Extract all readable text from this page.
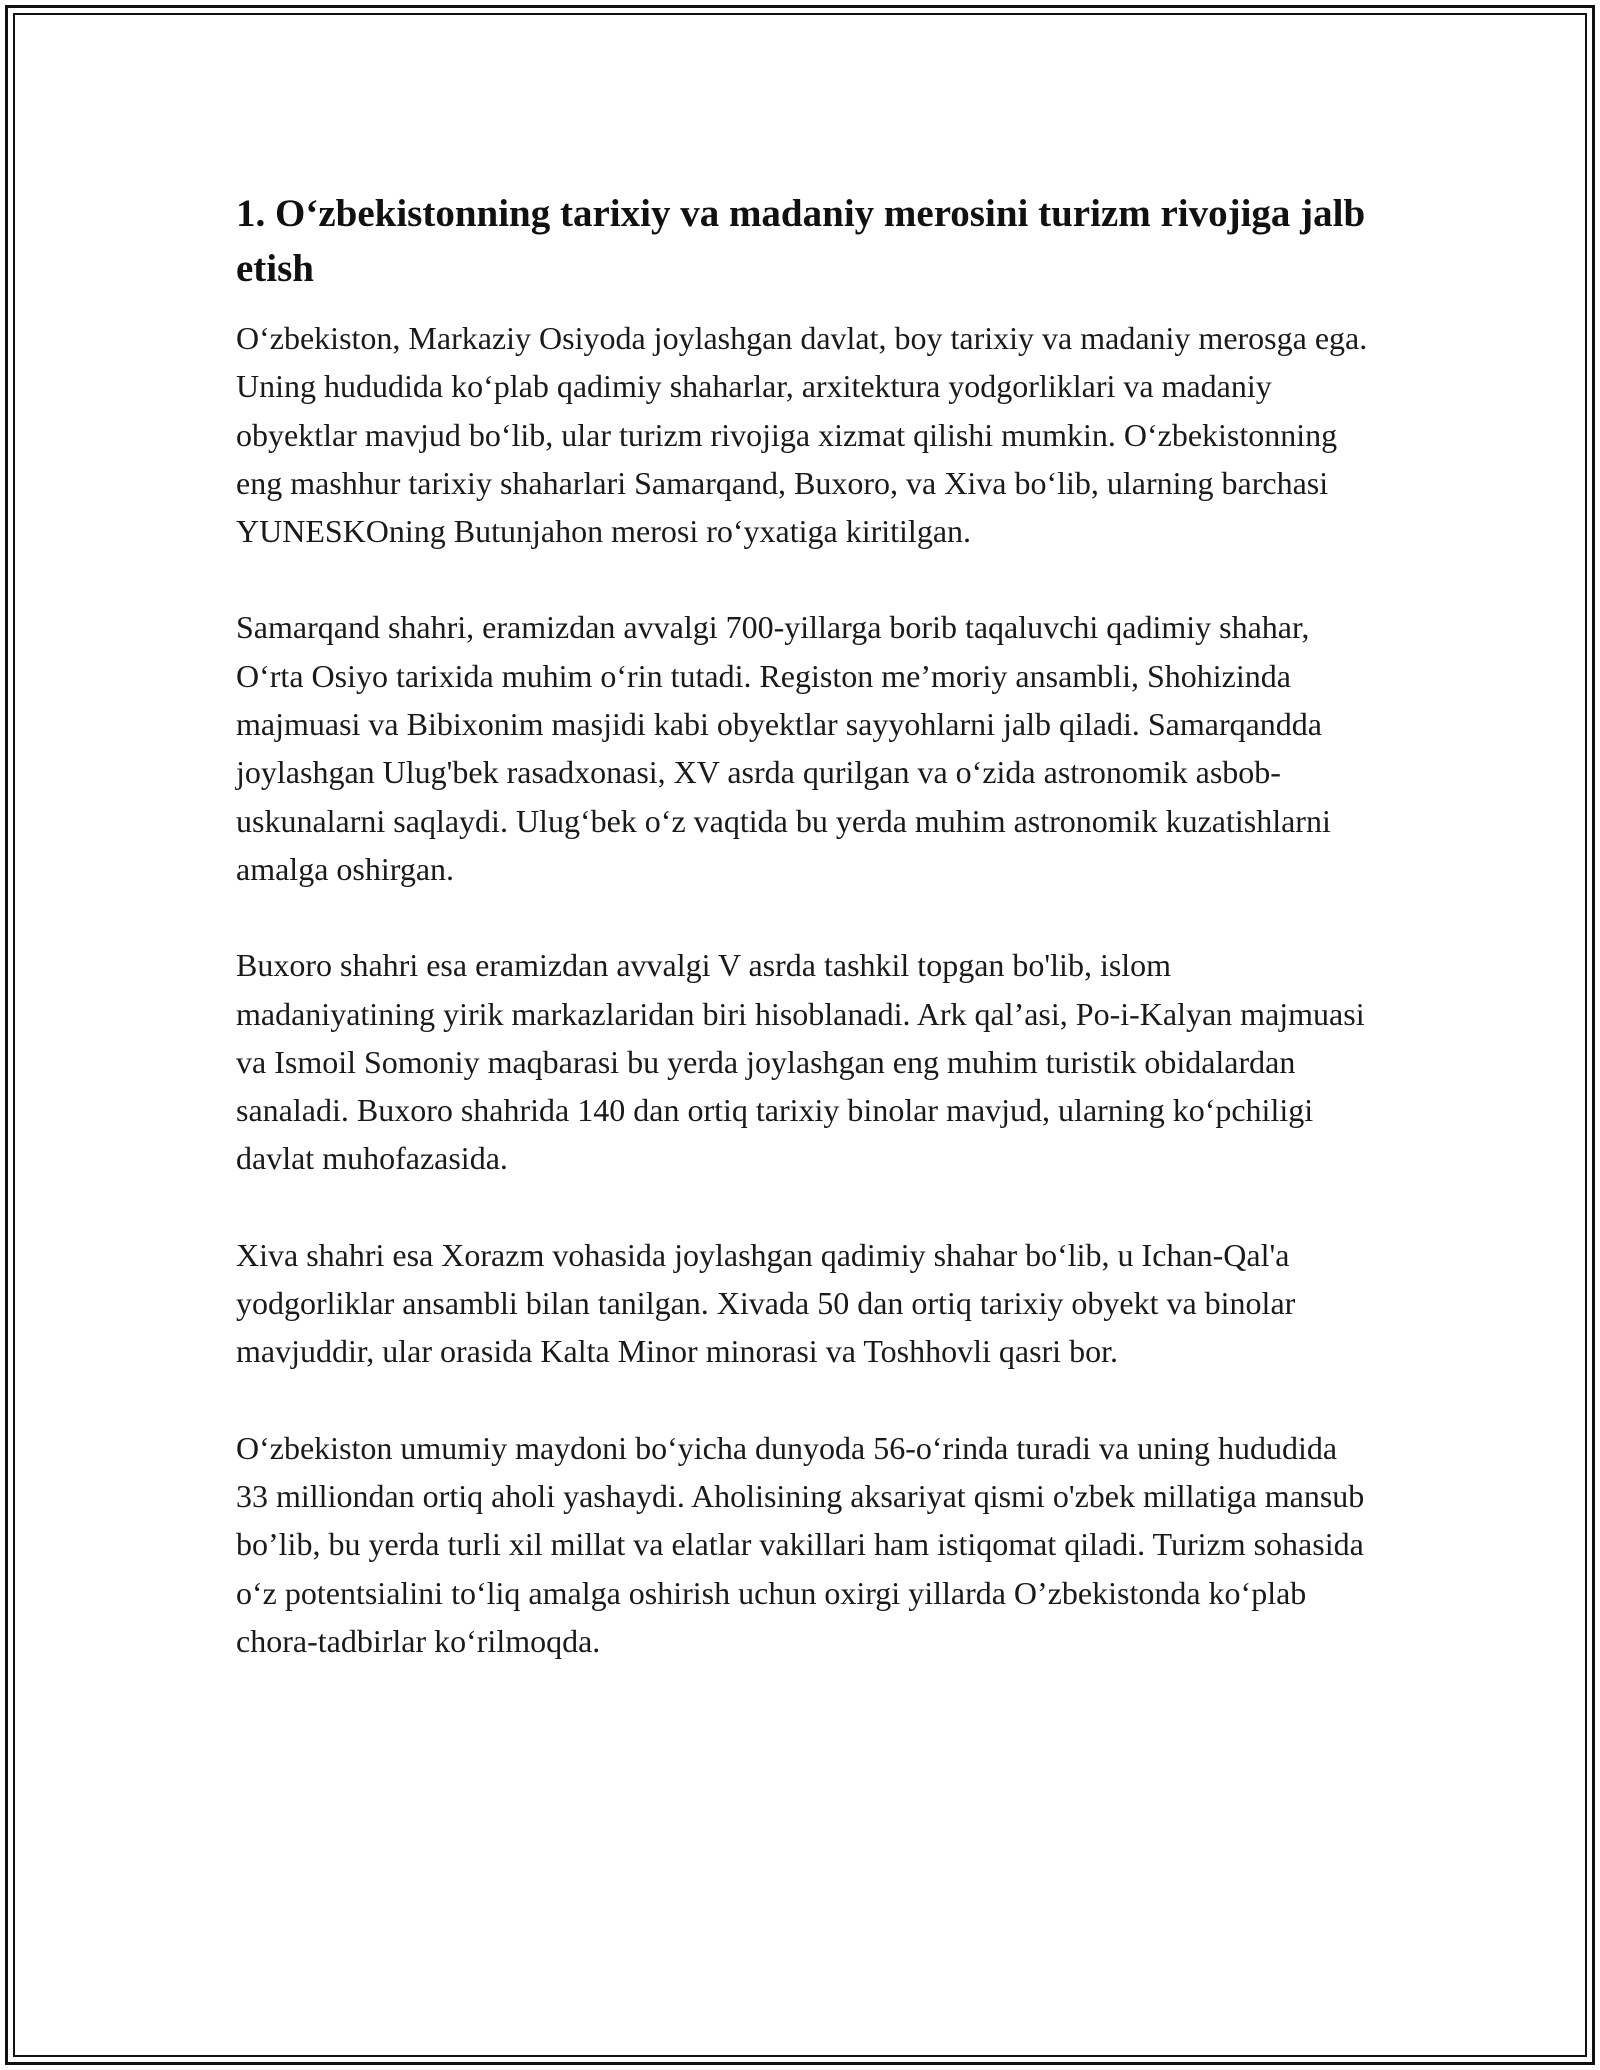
1. O‘zbekistonning tarixiy va madaniy merosini turizm rivojiga jalb etish

O‘zbekiston, Markaziy Osiyoda joylashgan davlat, boy tarixiy va madaniy merosga ega. Uning hududida ko‘plab qadimiy shaharlar, arxitektura yodgorliklari va madaniy obyektlar mavjud bo‘lib, ular turizm rivojiga xizmat qilishi mumkin. O‘zbekistonning eng mashhur tarixiy shaharlari Samarqand, Buxoro, va Xiva bo‘lib, ularning barchasi YUNESKOning Butunjahon merosi ro‘yxatiga kiritilgan.

Samarqand shahri, eramizdan avvalgi 700-yillarga borib taqaluvchi qadimiy shahar, O‘rta Osiyo tarixida muhim o‘rin tutadi. Registon me’moriy ansambli, Shohizinda majmuasi va Bibixonim masjidi kabi obyektlar sayyohlarni jalb qiladi. Samarqandda joylashgan Ulug'bek rasadxonasi, XV asrda qurilgan va o‘zida astronomik asbob-uskunalarni saqlaydi. Ulug‘bek o‘z vaqtida bu yerda muhim astronomik kuzatishlarni amalga oshirgan.

Buxoro shahri esa eramizdan avvalgi V asrda tashkil topgan bo'lib, islom madaniyatining yirik markazlaridan biri hisoblanadi. Ark qal’asi, Po-i-Kalyan majmuasi va Ismoil Somoniy maqbarasi bu yerda joylashgan eng muhim turistik obidalardan sanaladi. Buxoro shahrida 140 dan ortiq tarixiy binolar mavjud, ularning ko‘pchiligi davlat muhofazasida.

Xiva shahri esa Xorazm vohasida joylashgan qadimiy shahar bo‘lib, u Ichan-Qal'a yodgorliklar ansambli bilan tanilgan. Xivada 50 dan ortiq tarixiy obyekt va binolar mavjuddir, ular orasida Kalta Minor minorasi va Toshhovli qasri bor.

O‘zbekiston umumiy maydoni bo‘yicha dunyoda 56-o‘rinda turadi va uning hududida 33 milliondan ortiq aholi yashaydi. Aholisining aksariyat qismi o'zbek millatiga mansub bo’lib, bu yerda turli xil millat va elatlar vakillari ham istiqomat qiladi. Turizm sohasida o‘z potentsialini to‘liq amalga oshirish uchun oxirgi yillarda O’zbekistonda ko‘plab chora-tadbirlar ko‘rilmoqda.
